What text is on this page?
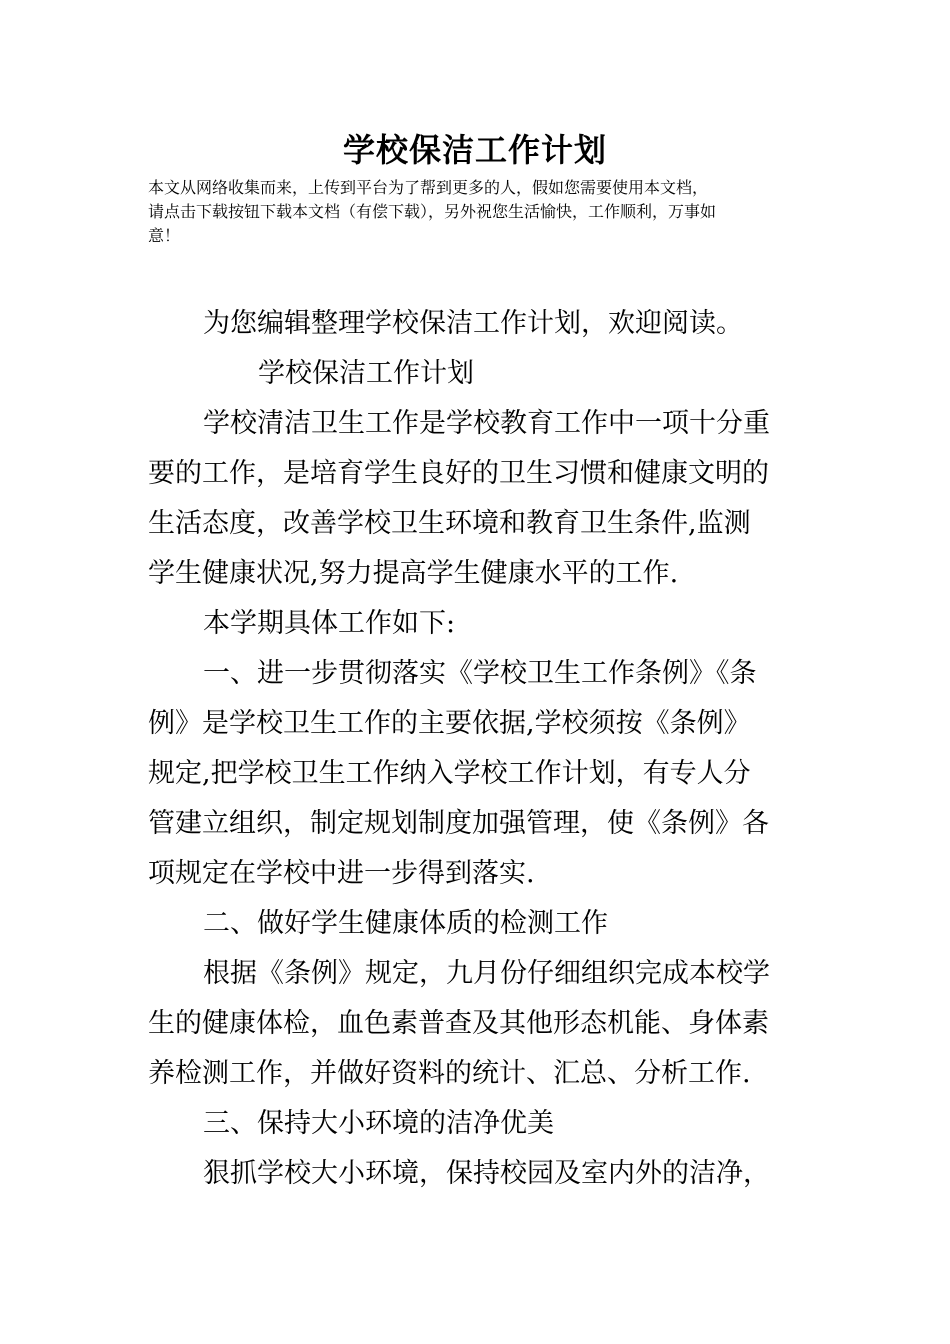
学校保洁工作计划
本文从网络收集而来，上传到平台为了帮到更多的人，假如您需要使用本文档，
请点击下载按钮下载本文档（有偿下载），另外祝您生活愉快，工作顺利，万事如
意！
为您编辑整理学校保洁工作计划，欢迎阅读。
学校保洁工作计划
学校清洁卫生工作是学校教育工作中一项十分重
要的工作，是培育学生良好的卫生习惯和健康文明的
生活态度，改善学校卫生环境和教育卫生条件,监测
学生健康状况,努力提高学生健康水平的工作.
本学期具体工作如下:
一、进一步贯彻落实《学校卫生工作条例》《条
例》是学校卫生工作的主要依据,学校须按《条例》
规定,把学校卫生工作纳入学校工作计划，有专人分
管建立组织，制定规划制度加强管理，使《条例》各
项规定在学校中进一步得到落实.
二、做好学生健康体质的检测工作
根据《条例》规定，九月份仔细组织完成本校学
生的健康体检，血色素普查及其他形态机能、身体素
养检测工作，并做好资料的统计、汇总、分析工作.
三、保持大小环境的洁净优美
狠抓学校大小环境，保持校园及室内外的洁净，
